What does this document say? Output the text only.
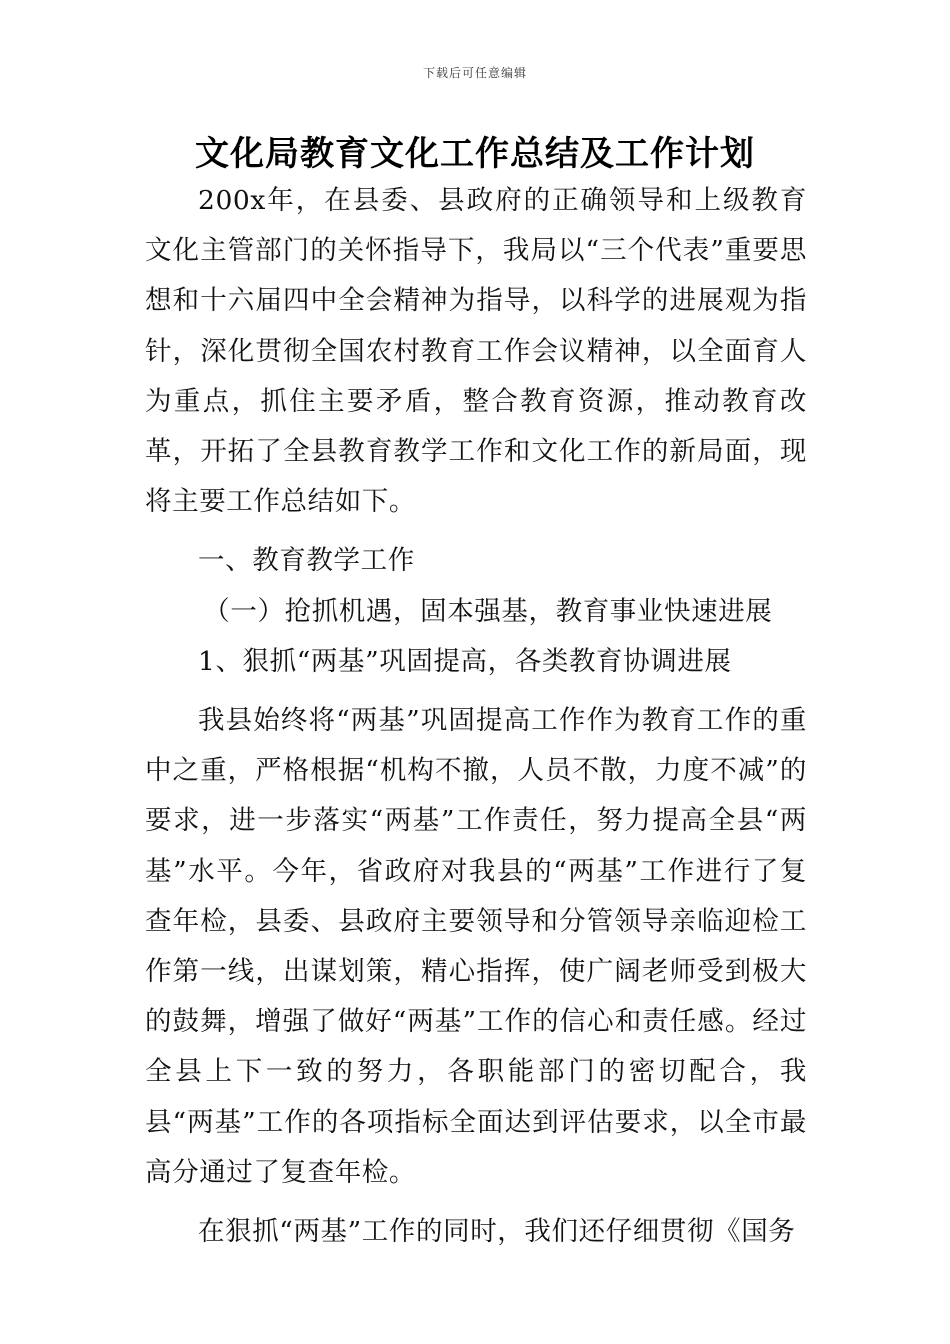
下载后可任意编辑
文化局教育文化工作总结及工作计划

200x年，在县委、县政府的正确领导和上级教育文化主管部门的关怀指导下，我局以“三个代表”重要思想和十六届四中全会精神为指导，以科学的进展观为指针，深化贯彻全国农村教育工作会议精神，以全面育人为重点，抓住主要矛盾，整合教育资源，推动教育改革，开拓了全县教育教学工作和文化工作的新局面，现将主要工作总结如下。

一、教育教学工作

（一）抢抓机遇，固本强基，教育事业快速进展

1、狠抓“两基”巩固提高，各类教育协调进展

我县始终将“两基”巩固提高工作作为教育工作的重中之重，严格根据“机构不撤，人员不散，力度不减”的要求，进一步落实“两基”工作责任，努力提高全县“两基”水平。今年，省政府对我县的“两基”工作进行了复查年检，县委、县政府主要领导和分管领导亲临迎检工作第一线，出谋划策，精心指挥，使广阔老师受到极大的鼓舞，增强了做好“两基”工作的信心和责任感。经过全县上下一致的努力，各职能部门的密切配合，我县“两基”工作的各项指标全面达到评估要求，以全市最高分通过了复查年检。

在狠抓“两基”工作的同时，我们还仔细贯彻《国务
